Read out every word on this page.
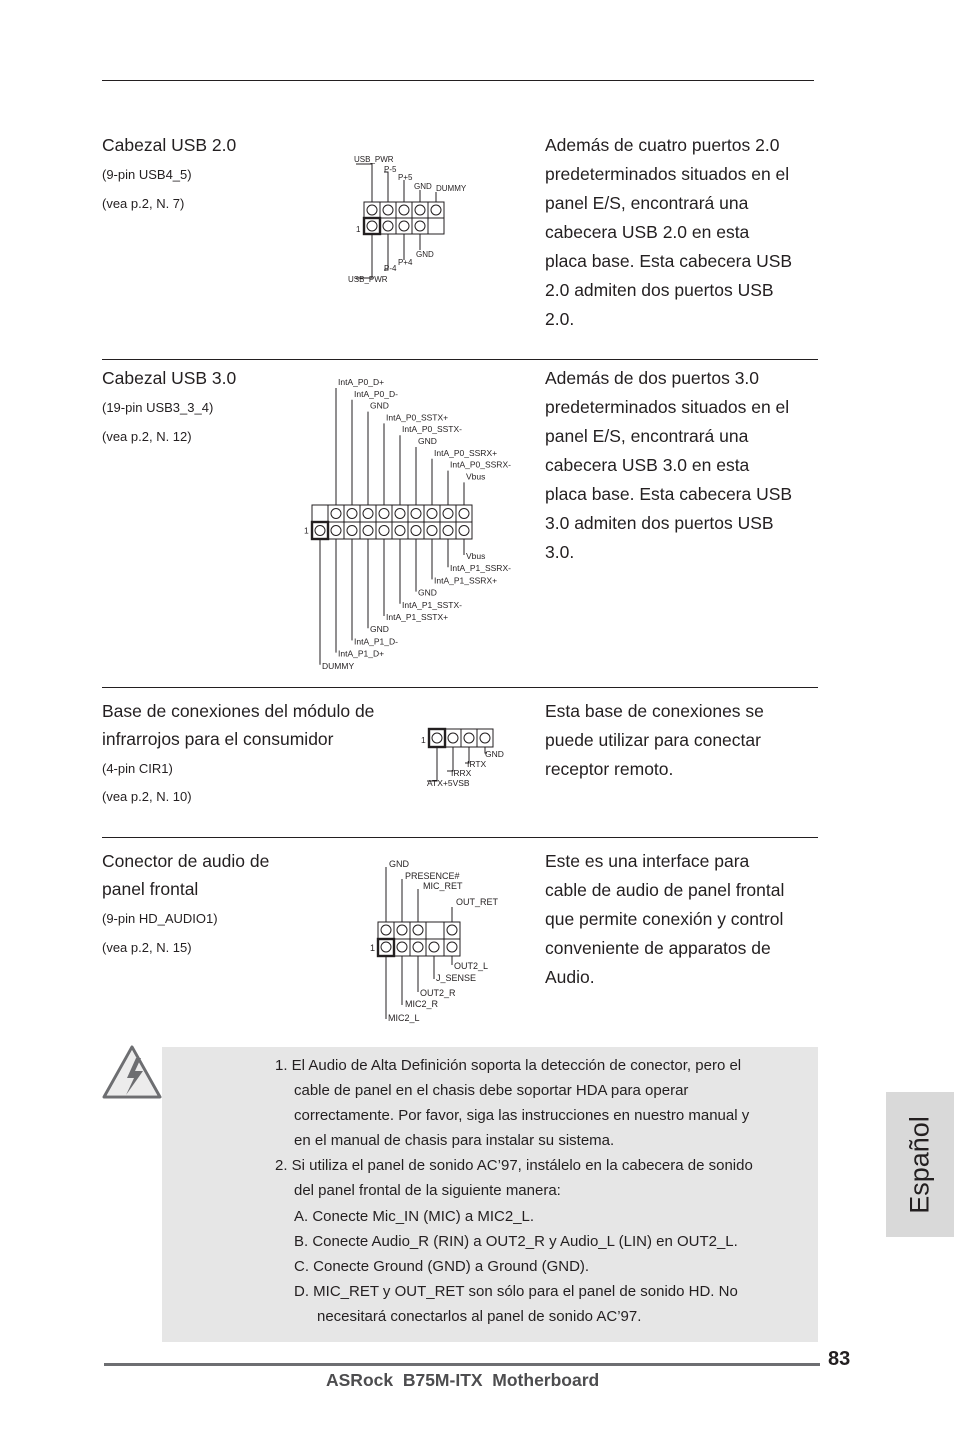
Cabezal USB 2.0
(9-pin USB4_5)
(vea p.2, N. 7)
Además de cuatro puertos 2.0
predeterminados situados en el
panel E/S, encontrará una
cabecera USB 2.0 en esta
placa base. Esta cabecera USB
2.0 admiten dos puertos USB
2.0.
USB_PWR
P-5
P+5
GND DUMMY
1
GND
P+4
P-4
USB_PWR
Cabezal USB 3.0
(19-pin USB3_3_4)
(vea p.2, N. 12)
Además de dos puertos 3.0
predeterminados situados en el
panel E/S, encontrará una
cabecera USB 3.0 en esta
placa base. Esta cabecera USB
3.0 admiten dos puertos USB
3.0.
IntA_P0_D+
IntA_P0_D-
GND
IntA_P0_SSTX+
IntA_P0_SSTX-
GND
IntA_P0_SSRX+
IntA_P0_SSRX-
Vbus
Vbus
IntA_P1_SSRX-
IntA_P1_SSRX+
GND
IntA_P1_SSTX-
IntA_P1_SSTX+
GND
IntA_P1_D-
IntA_P1_D+
DUMMY
1
Base de conexiones del módulo de
infrarrojos para el consumidor
(4-pin CIR1)
(vea p.2, N. 10)
Esta base de conexiones se
puede utilizar para conectar
receptor remoto.
1
GND
IRTX
IRRX
ATX+5VSB
Conector de audio de
panel frontal
(9-pin HD_AUDIO1)
(vea p.2, N. 15)
Este es una interface para
cable de audio de panel frontal
que permite conexión y control
conveniente de apparatos de
Audio.
GND
PRESENCE#
MIC_RET
OUT_RET
1
OUT2_L
J_SENSE
OUT2_R
MIC2_R
MIC2_L
1. El Audio de Alta Definición soporta la detección de conector, pero el
cable de panel en el chasis debe soportar HDA para operar
correctamente. Por favor, siga las instrucciones en nuestro manual y
en el manual de chasis para instalar su sistema.
2. Si utiliza el panel de sonido AC’97, instálelo en la cabecera de sonido
del panel frontal de la siguiente manera:
A. Conecte Mic_IN (MIC) a MIC2_L.
B. Conecte Audio_R (RIN) a OUT2_R y Audio_L (LIN) en OUT2_L.
C. Conecte Ground (GND) a Ground (GND).
D. MIC_RET y OUT_RET son sólo para el panel de sonido HD. No
necesitará conectarlos al panel de sonido AC’97.
Español
83
ASRock  B75M-ITX  Motherboard
